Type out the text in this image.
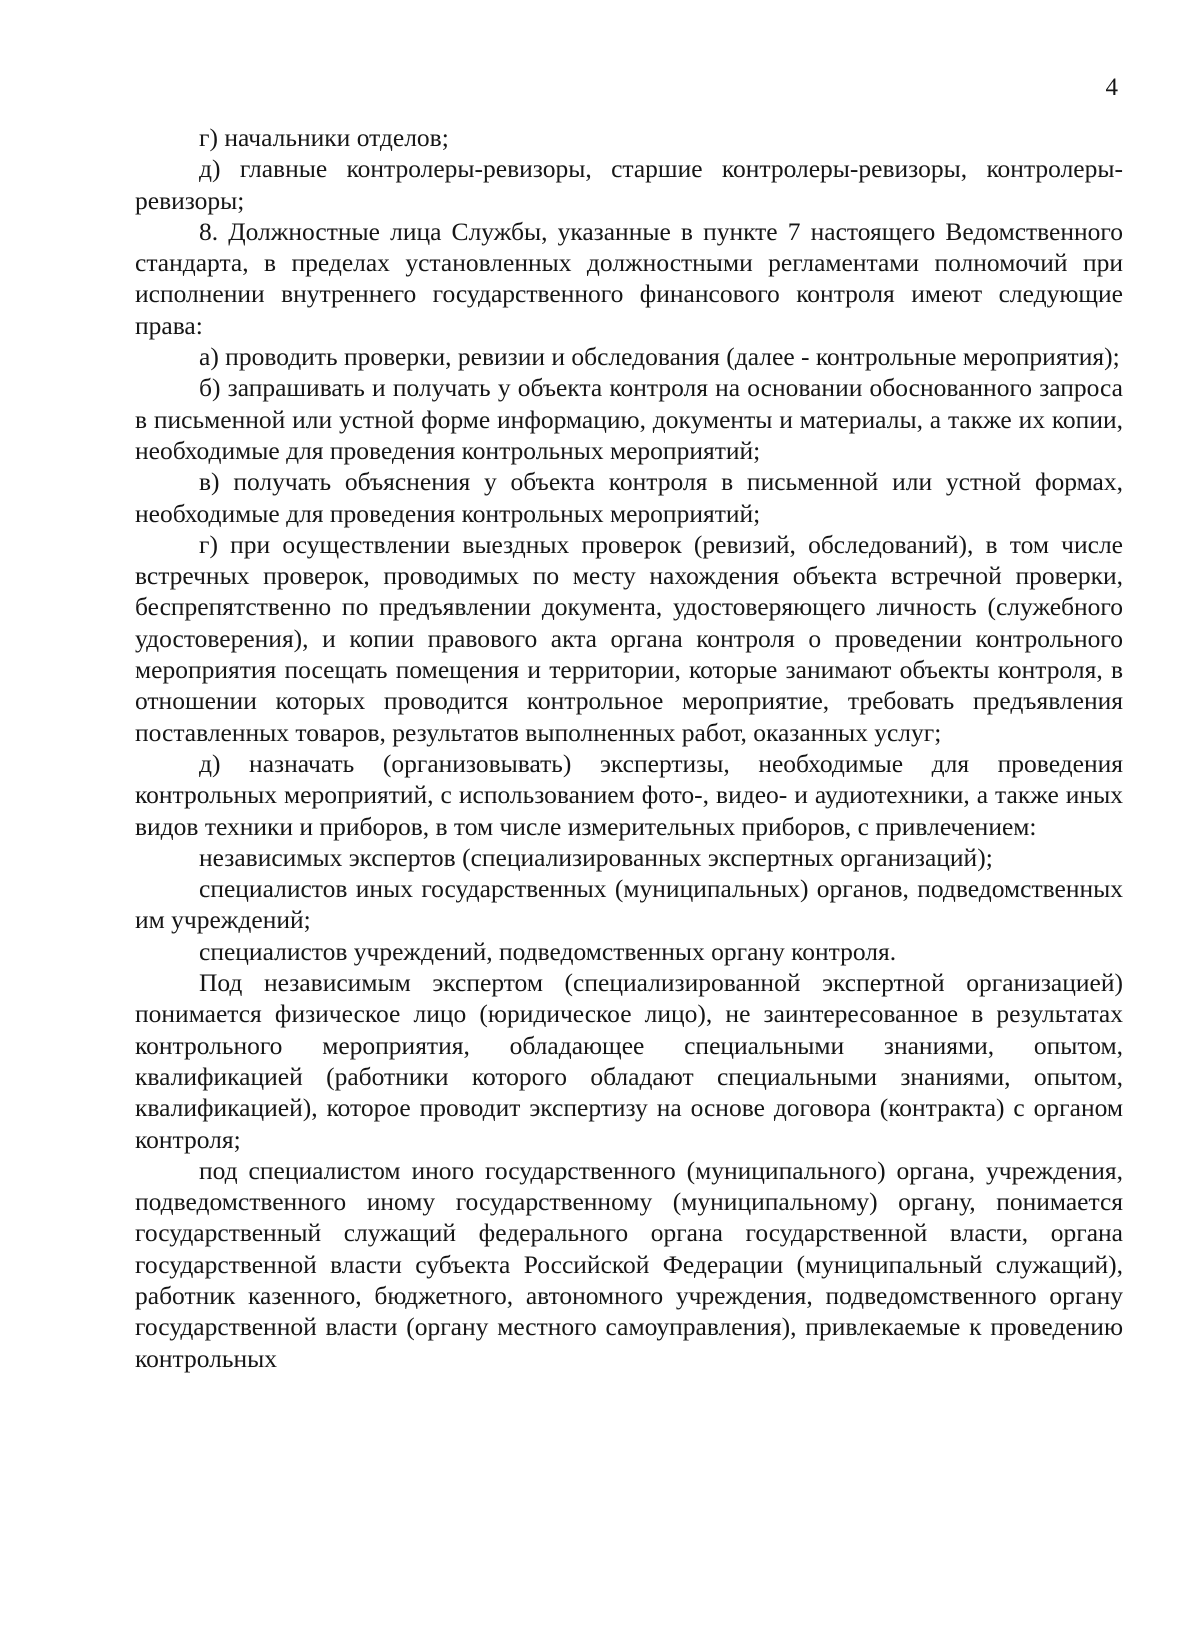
4

г) начальники отделов;

д) главные контролеры-ревизоры, старшие контролеры-ревизоры, контролеры-ревизоры;

8. Должностные лица Службы, указанные в пункте 7 настоящего Ведомственного стандарта, в пределах установленных должностными регламентами полномочий при исполнении внутреннего государственного финансового контроля имеют следующие права:

а) проводить проверки, ревизии и обследования (далее - контрольные мероприятия);

б) запрашивать и получать у объекта контроля на основании обоснованного запроса в письменной или устной форме информацию, документы и материалы, а также их копии, необходимые для проведения контрольных мероприятий;

в) получать объяснения у объекта контроля в письменной или устной формах, необходимые для проведения контрольных мероприятий;

г) при осуществлении выездных проверок (ревизий, обследований), в том числе встречных проверок, проводимых по месту нахождения объекта встречной проверки, беспрепятственно по предъявлении документа, удостоверяющего личность (служебного удостоверения), и копии правового акта органа контроля о проведении контрольного мероприятия посещать помещения и территории, которые занимают объекты контроля, в отношении которых проводится контрольное мероприятие, требовать предъявления поставленных товаров, результатов выполненных работ, оказанных услуг;

д) назначать (организовывать) экспертизы, необходимые для проведения контрольных мероприятий, с использованием фото-, видео- и аудиотехники, а также иных видов техники и приборов, в том числе измерительных приборов, с привлечением:

независимых экспертов (специализированных экспертных организаций);

специалистов иных государственных (муниципальных) органов, подведомственных им учреждений;

специалистов учреждений, подведомственных органу контроля.

Под независимым экспертом (специализированной экспертной организацией) понимается физическое лицо (юридическое лицо), не заинтересованное в результатах контрольного мероприятия, обладающее специальными знаниями, опытом, квалификацией (работники которого обладают специальными знаниями, опытом, квалификацией), которое проводит экспертизу на основе договора (контракта) с органом контроля;

под специалистом иного государственного (муниципального) органа, учреждения, подведомственного иному государственному (муниципальному) органу, понимается государственный служащий федерального органа государственной власти, органа государственной власти субъекта Российской Федерации (муниципальный служащий), работник казенного, бюджетного, автономного учреждения, подведомственного органу государственной власти (органу местного самоуправления), привлекаемые к проведению контрольных
